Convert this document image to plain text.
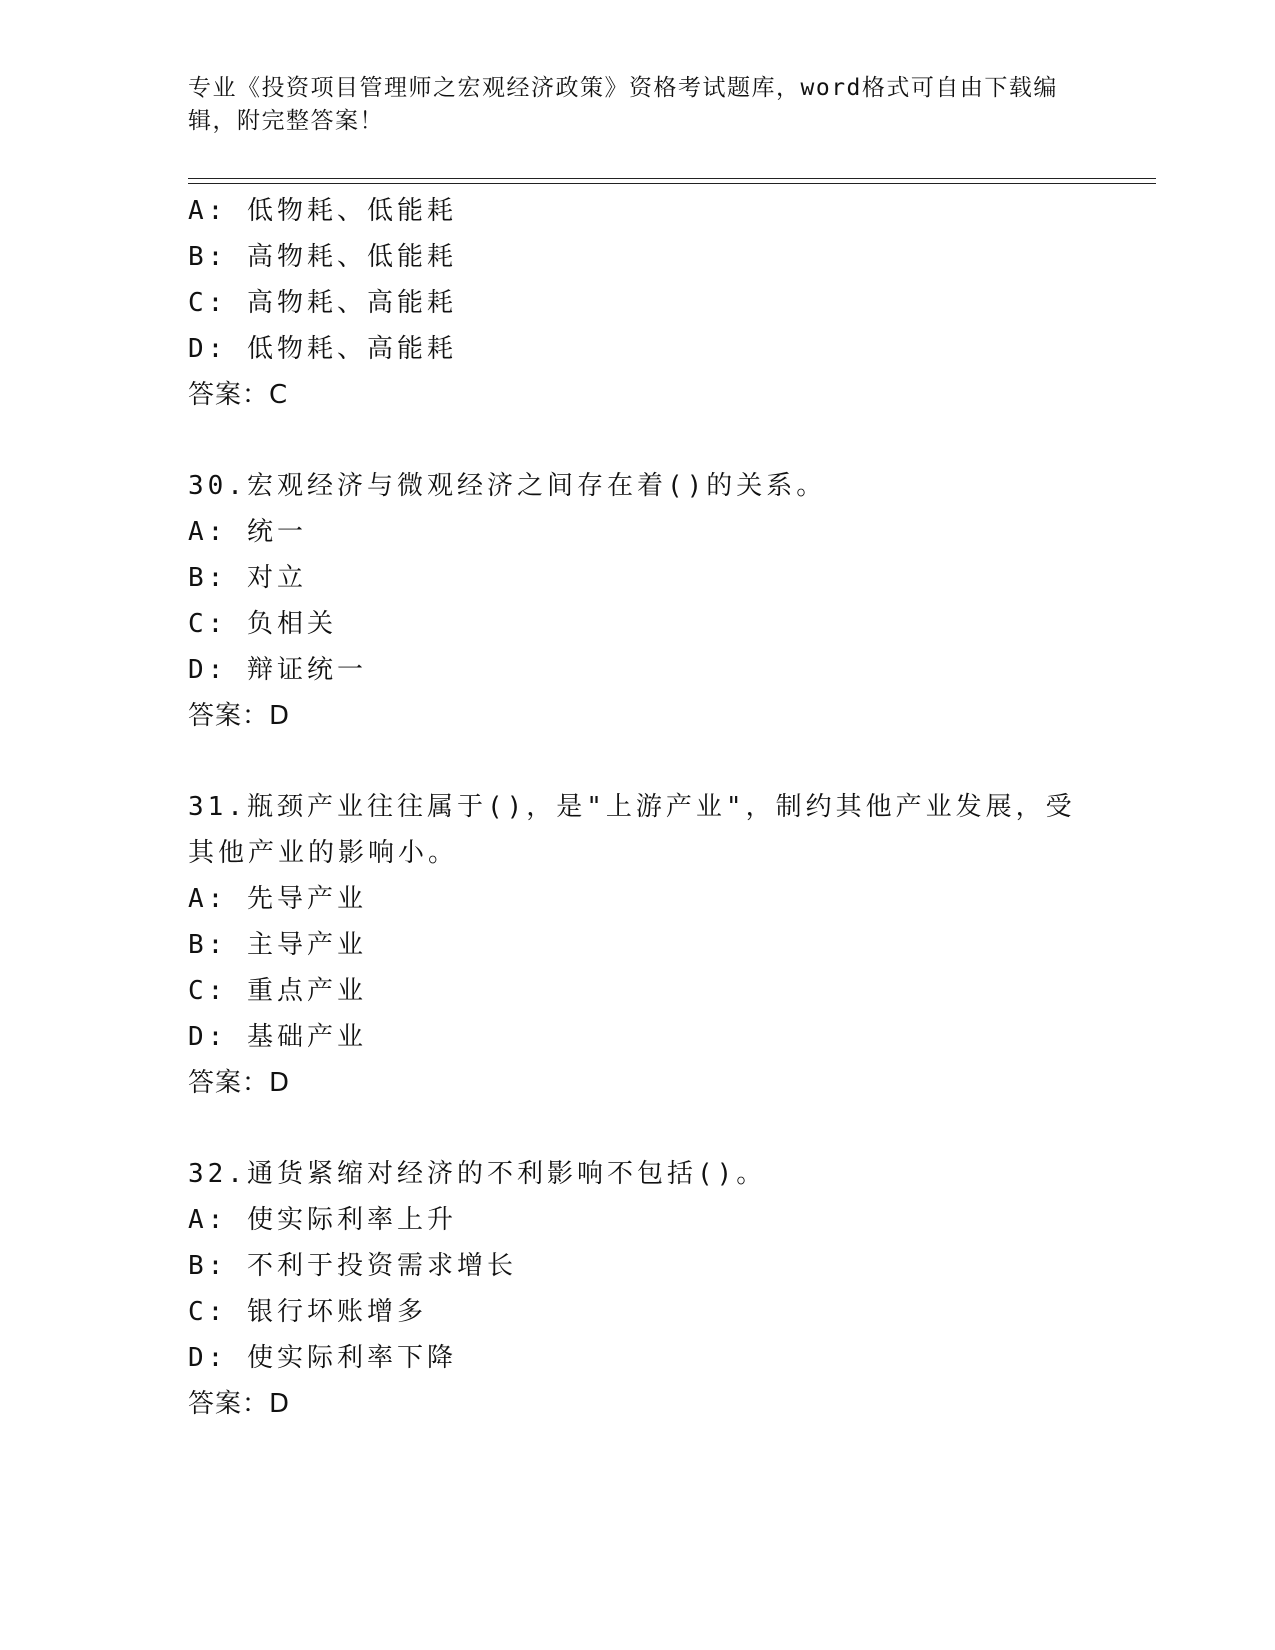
专业《投资项目管理师之宏观经济政策》资格考试题库，word格式可自由下载编辑，附完整答案！
A: 低物耗、低能耗
B: 高物耗、低能耗
C: 高物耗、高能耗
D: 低物耗、高能耗
答案：C
30.宏观经济与微观经济之间存在着()的关系。
A: 统一
B: 对立
C: 负相关
D: 辩证统一
答案：D
31.瓶颈产业往往属于()，是"上游产业"，制约其他产业发展，受其他产业的影响小。
A: 先导产业
B: 主导产业
C: 重点产业
D: 基础产业
答案：D
32.通货紧缩对经济的不利影响不包括()。
A: 使实际利率上升
B: 不利于投资需求增长
C: 银行坏账增多
D: 使实际利率下降
答案：D
